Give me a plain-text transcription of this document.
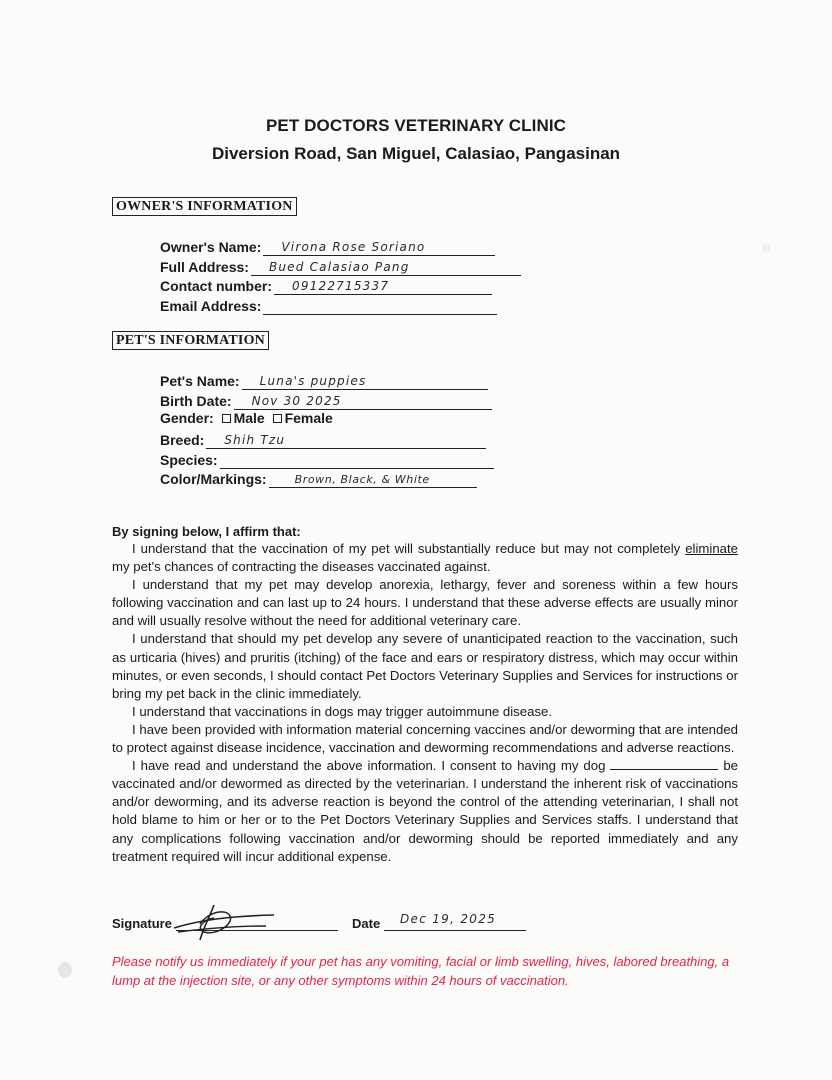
PET DOCTORS VETERINARY CLINIC
Diversion Road, San Miguel, Calasiao, Pangasinan
OWNER'S INFORMATION
Owner's Name:	Virona Rose Soriano
Full Address:	Bued Calasiao Pang
Contact number:	09122715337
Email Address:
PET'S INFORMATION
Pet's Name:	Luna's puppies
Birth Date:	Nov 30 2025
Gender: Male Female
Breed:	Shih Tzu
Species:
Color/Markings:	Brown, Black, & White
By signing below, I affirm that:

I understand that the vaccination of my pet will substantially reduce but may not completely eliminate my pet's chances of contracting the diseases vaccinated against.

I understand that my pet may develop anorexia, lethargy, fever and soreness within a few hours following vaccination and can last up to 24 hours. I understand that these adverse effects are usually minor and will usually resolve without the need for additional veterinary care.

I understand that should my pet develop any severe of unanticipated reaction to the vaccination, such as urticaria (hives) and pruritis (itching) of the face and ears or respiratory distress, which may occur within minutes, or even seconds, I should contact Pet Doctors Veterinary Supplies and Services for instructions or bring my pet back in the clinic immediately.

I understand that vaccinations in dogs may trigger autoimmune disease.

I have been provided with information material concerning vaccines and/or deworming that are intended to protect against disease incidence, vaccination and deworming recommendations and adverse reactions.

I have read and understand the above information. I consent to having my dog	be vaccinated and/or dewormed as directed by the veterinarian. I understand the inherent risk of vaccinations and/or deworming, and its adverse reaction is beyond the control of the attending veterinarian, I shall not hold blame to him or her or to the Pet Doctors Veterinary Supplies and Services staffs. I understand that any complications following vaccination and/or deworming should be reported immediately and any treatment required will incur additional expense.

Signature	Date Dec 19, 2025
Please notify us immediately if your pet has any vomiting, facial or limb swelling, hives, labored breathing, a lump at the injection site, or any other symptoms within 24 hours of vaccination.
